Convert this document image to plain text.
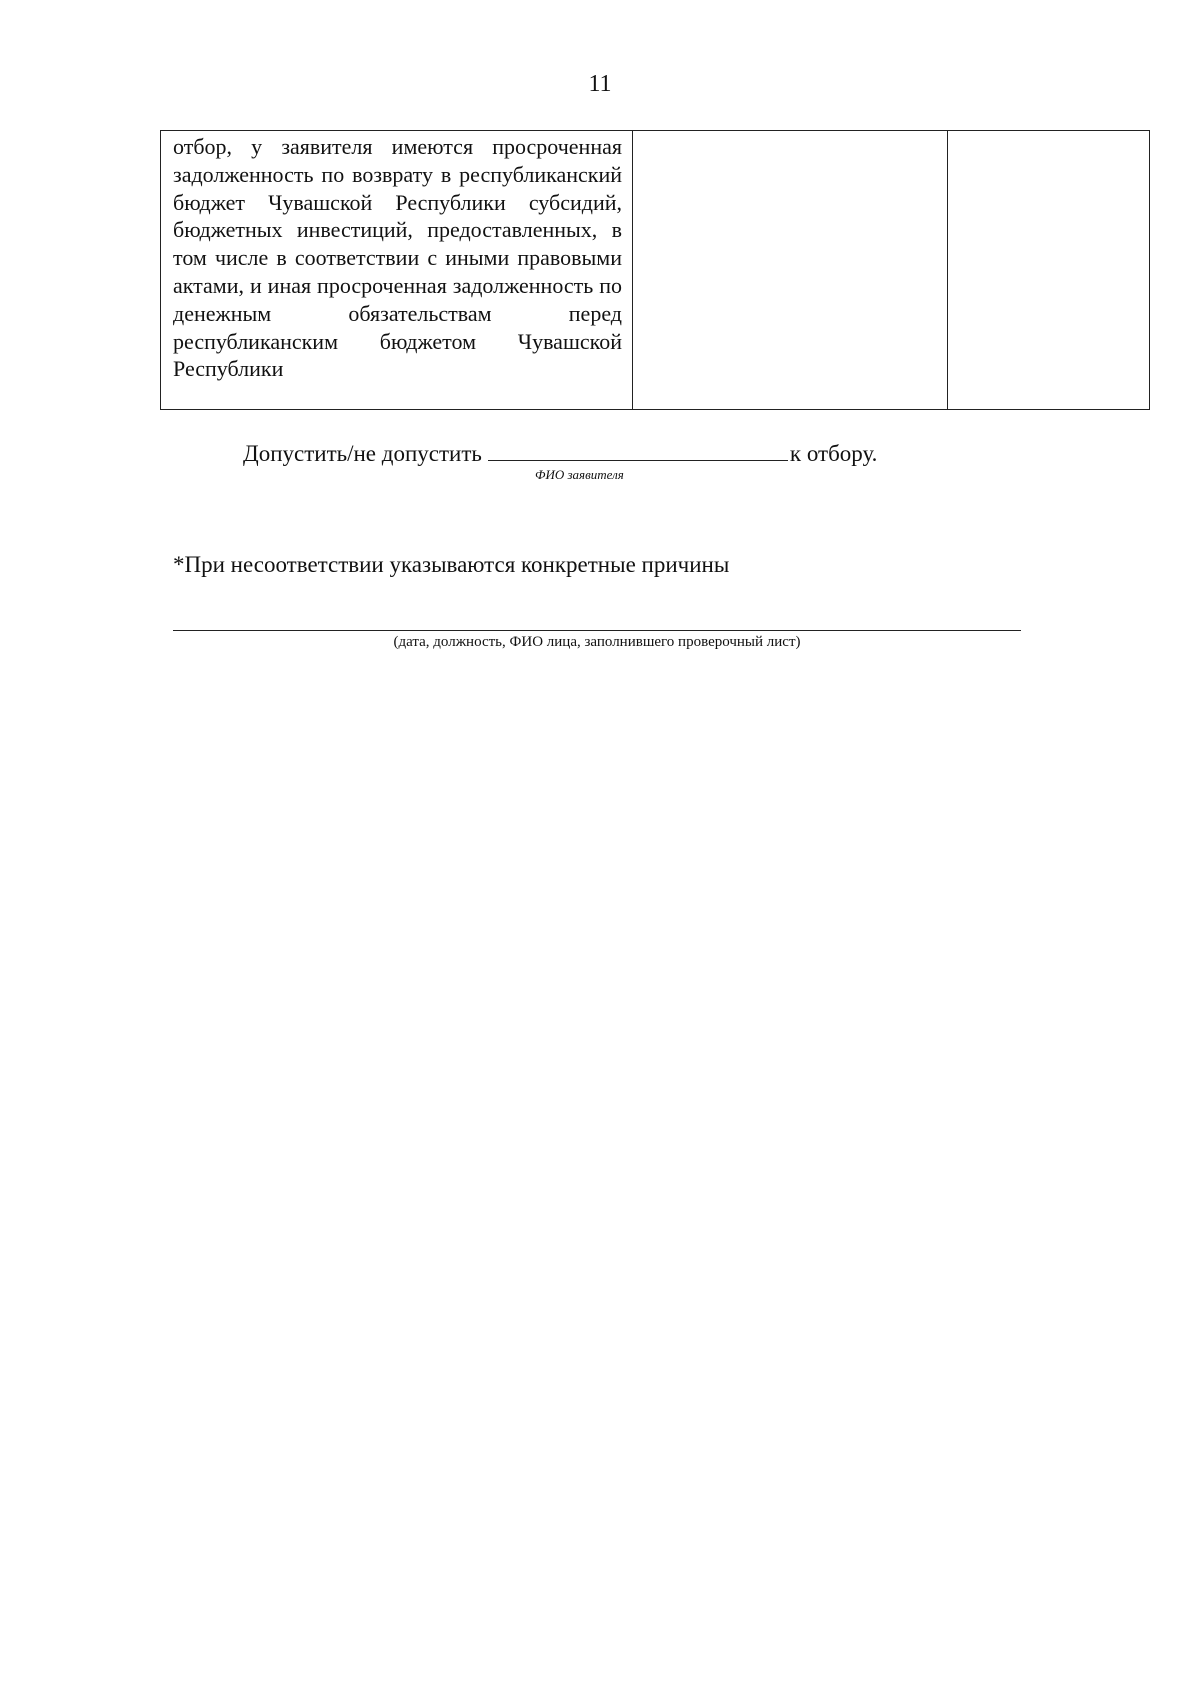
11
отбор, у заявителя имеются просроченная задолженность по возврату в республиканский бюджет Чувашской Республики субсидий, бюджетных инвестиций, предоставленных, в том числе в соответствии с иными правовыми актами, и иная просроченная задолженность по денежным обязательствам перед республиканским бюджетом Чувашской Республики

Допустить/не допустить	к отбору.
ФИО заявителя
*При несоответствии указываются конкретные причины
(дата, должность, ФИО лица, заполнившего проверочный лист)
